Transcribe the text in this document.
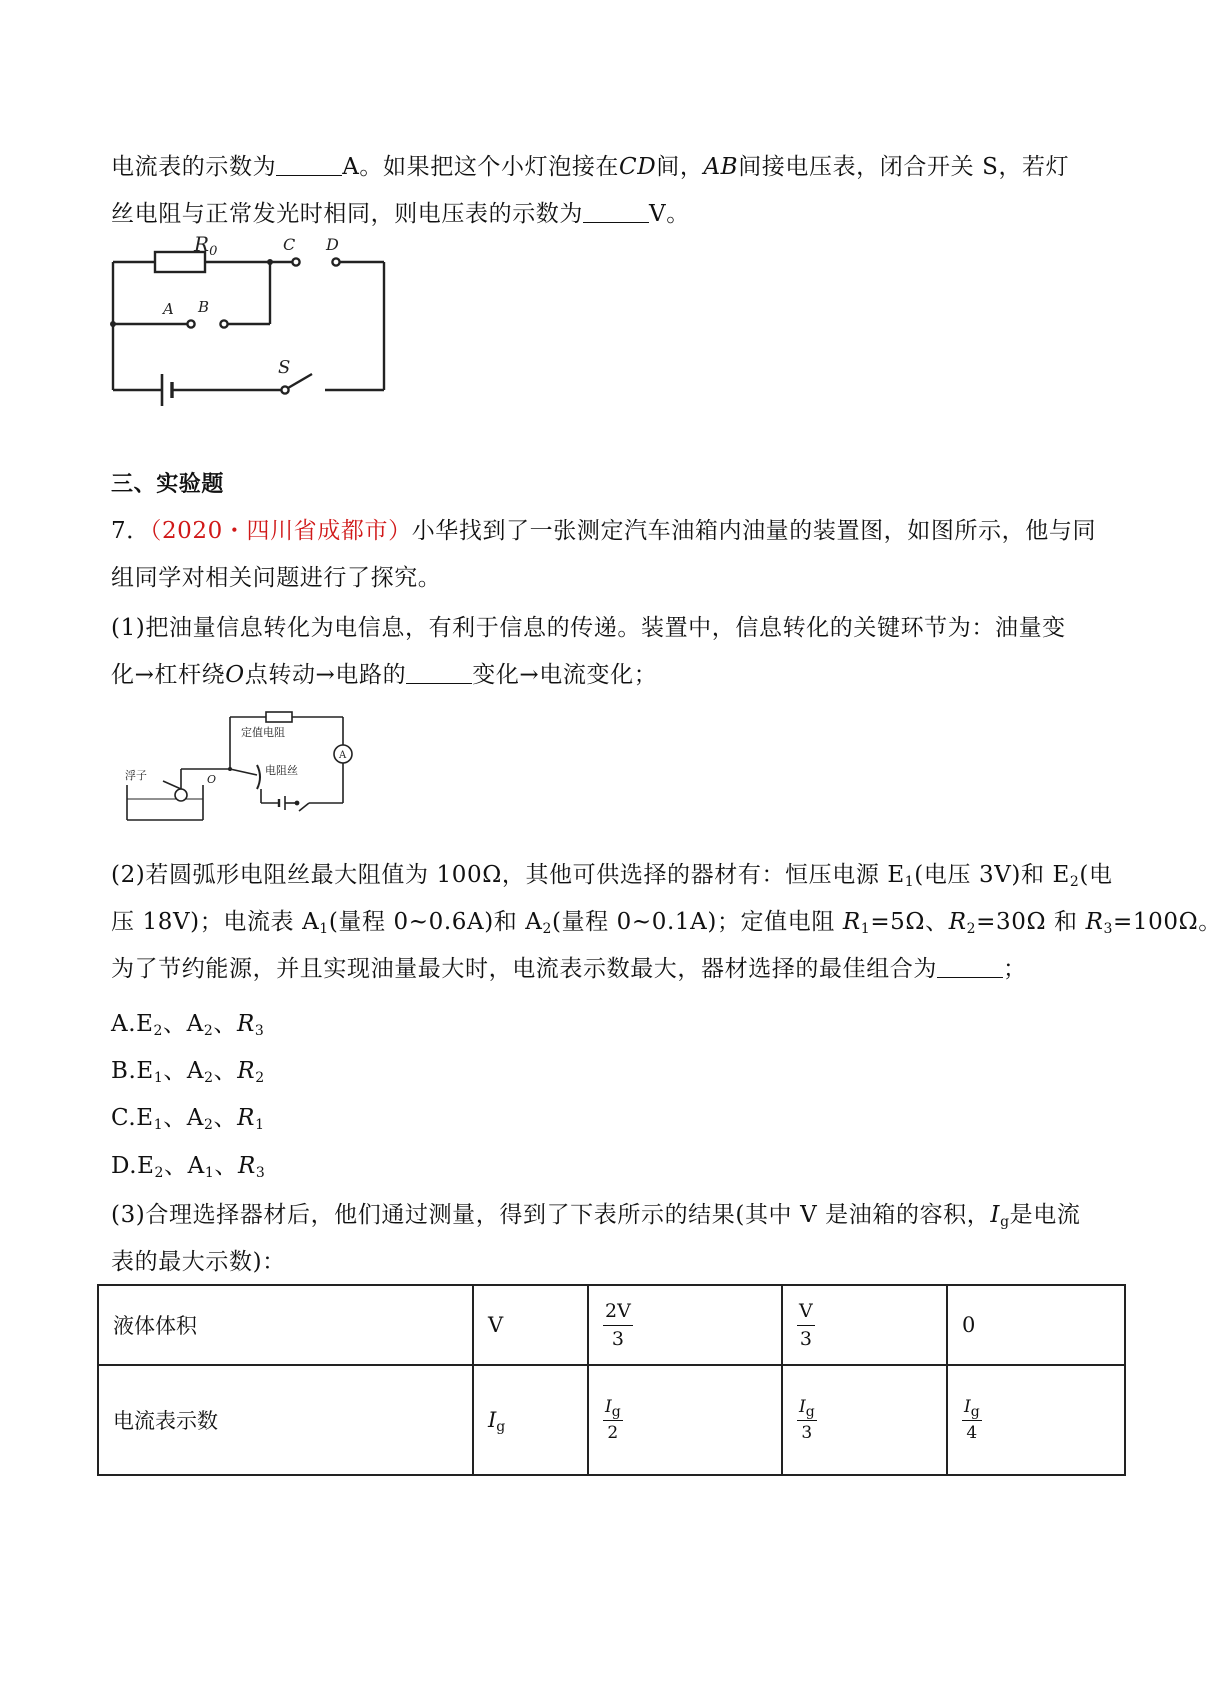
电流表的示数为	A。如果把这个小灯泡接在CD间，AB间接电压表，闭合开关 S，若灯
丝电阻与正常发光时相同，则电压表的示数为	V。
$R_0$	C D
A B
S
三、实验题
7．（2020・四川省成都市）小华找到了一张测定汽车油箱内油量的装置图，如图所示，他与同
组同学对相关问题进行了探究。
(1)把油量信息转化为电信息，有利于信息的传递。装置中，信息转化的关键环节为：油量变
化→杠杆绕O点转动→电路的	变化→电流变化；
定值电阻
A
浮子	O
电阻丝
(2)若圆弧形电阻丝最大阻值为 100Ω，其他可供选择的器材有：恒压电源 $E_1$(电压 3V)和 $E_2$(电
压 18V)；电流表 $A_1$(量程 0~0.6A)和 $A_2$(量程 0~0.1A)；定值电阻 $R_1=5\Omega$、$R_2=30\Omega$ 和 $R_3=100\Omega$。
为了节约能源，并且实现油量最大时，电流表示数最大，器材选择的最佳组合为	；
$A.E_2$、$A_2$、$R_3$
$B.E_1$、$A_2$、$R_2$
$C.E_1$、$A_2$、$R_1$
$D.E_2$、$A_1$、$R_3$
(3)合理选择器材后，他们通过测量，得到了下表所示的结果(其中 V 是油箱的容积，$I_g$是电流
表的最大示数)：
液体体积	V	$\frac{2V}{3}$	$\frac{V}{3}$	0
电流表示数	$I_g$	$\frac{I_g}{2}$	$\frac{I_g}{3}$	$\frac{I_g}{4}$
